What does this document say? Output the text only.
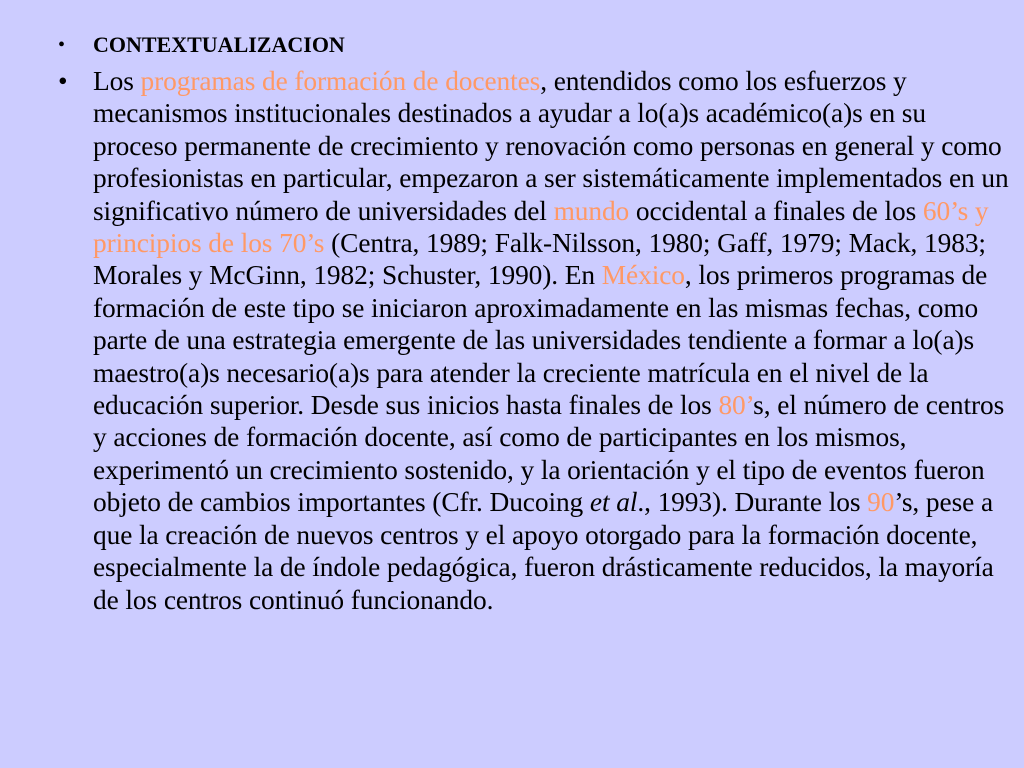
• CONTEXTUALIZACION
• Los programas de formación de docentes, entendidos como los esfuerzos y mecanismos institucionales destinados a ayudar a lo(a)s académico(a)s en su proceso permanente de crecimiento y renovación como personas en general y como profesionistas en particular, empezaron a ser sistemáticamente implementados en un significativo número de universidades del mundo occidental a finales de los 60’s y principios de los 70’s (Centra, 1989; Falk-Nilsson, 1980; Gaff, 1979; Mack, 1983; Morales y McGinn, 1982; Schuster, 1990). En México, los primeros programas de formación de este tipo se iniciaron aproximadamente en las mismas fechas, como parte de una estrategia emergente de las universidades tendiente a formar a lo(a)s maestro(a)s necesario(a)s para atender la creciente matrícula en el nivel de la educación superior. Desde sus inicios hasta finales de los 80’s, el número de centros y acciones de formación docente, así como de participantes en los mismos, experimentó un crecimiento sostenido, y la orientación y el tipo de eventos fueron objeto de cambios importantes (Cfr. Ducoing et al., 1993). Durante los 90’s, pese a que la creación de nuevos centros y el apoyo otorgado para la formación docente, especialmente la de índole pedagógica, fueron drásticamente reducidos, la mayoría de los centros continuó funcionando.
